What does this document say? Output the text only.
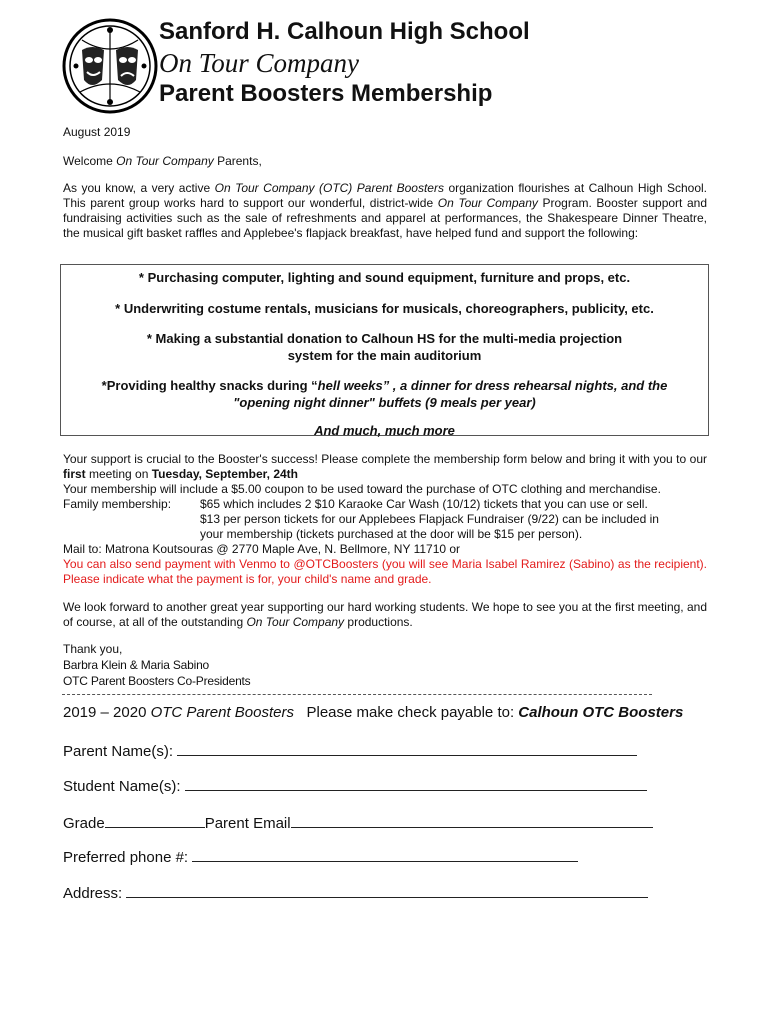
Sanford H. Calhoun High School
On Tour Company
Parent Boosters Membership

August 2019

Welcome On Tour Company Parents,

As you know, a very active On Tour Company (OTC) Parent Boosters organization flourishes at Calhoun High School. This parent group works hard to support our wonderful, district-wide On Tour Company Program. Booster support and fundraising activities such as the sale of refreshments and apparel at performances, the Shakespeare Dinner Theatre, the musical gift basket raffles and Applebee's flapjack breakfast, have helped fund and support the following:

* Purchasing computer, lighting and sound equipment, furniture and props, etc.

* Underwriting costume rentals, musicians for musicals, choreographers, publicity, etc.

* Making a substantial donation to Calhoun HS for the multi-media projection
system for the main auditorium

*Providing healthy snacks during “hell weeks” , a dinner for dress rehearsal nights, and the "opening night dinner" buffets (9 meals per year)

And much, much more

Your support is crucial to the Booster's success! Please complete the membership form below and bring it with you to our first meeting on Tuesday, September, 24th
Your membership will include a $5.00 coupon to be used toward the purchase of OTC clothing and merchandise.
Family membership: $65 which includes 2 $10 Karaoke Car Wash (10/12) tickets that you can use or sell.
$13 per person tickets for our Applebees Flapjack Fundraiser (9/22) can be included in
your membership (tickets purchased at the door will be $15 per person).
Mail to: Matrona Koutsouras @ 2770 Maple Ave, N. Bellmore, NY 11710 or
You can also send payment with Venmo to @OTCBoosters (you will see Maria Isabel Ramirez (Sabino) as the recipient). Please indicate what the payment is for, your child's name and grade.

We look forward to another great year supporting our hard working students. We hope to see you at the first meeting, and of course, at all of the outstanding On Tour Company productions.

Thank you,

Barbra Klein & Maria Sabino

OTC Parent Boosters Co-Presidents

2019 – 2020 OTC Parent Boosters Please make check payable to: Calhoun OTC Boosters
Parent Name(s):
Student Name(s):
Grade	Parent Email
Preferred phone #:
Address:
